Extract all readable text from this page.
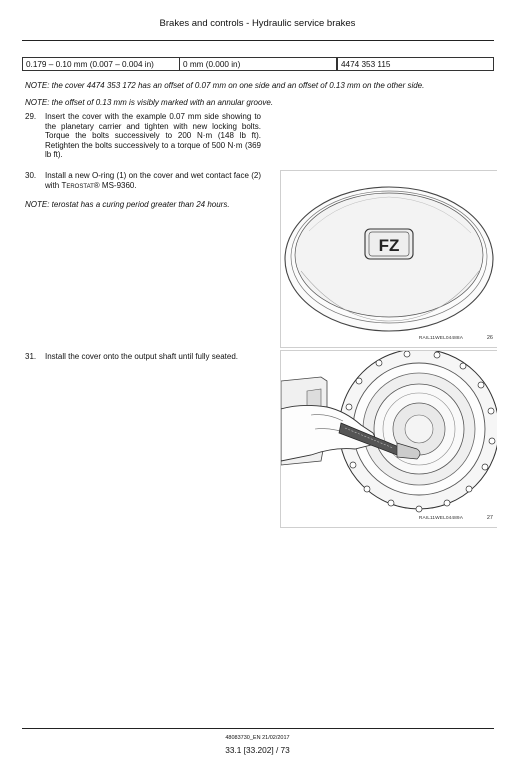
Brakes and controls - Hydraulic service brakes
0.179 – 0.10 mm (0.007 – 0.004 in)	0 mm (0.000 in)		4474 353 115
NOTE: the cover 4474 353 172 has an offset of 0.07 mm on one side and an offset of 0.13 mm on the other side.
NOTE: the offset of 0.13 mm is visibly marked with an annular groove.
29. Insert the cover with the example 0.07 mm side showing to the planetary carrier and tighten with new locking bolts. Torque the bolts successively to 200 N·m (148 lb ft). Retighten the bolts successively to a torque of 500 N·m (369 lb ft).
30. Install a new O-ring (1) on the cover and wet contact face (2) with Terostat® MS-9360.
NOTE: terostat has a curing period greater than 24 hours.
FZ
RAIL11WEL04488A	26
31. Install the cover onto the output shaft until fully seated.
RAIL11WEL04489A	27
48083730_EN 21/02/2017
33.1 [33.202] / 73
